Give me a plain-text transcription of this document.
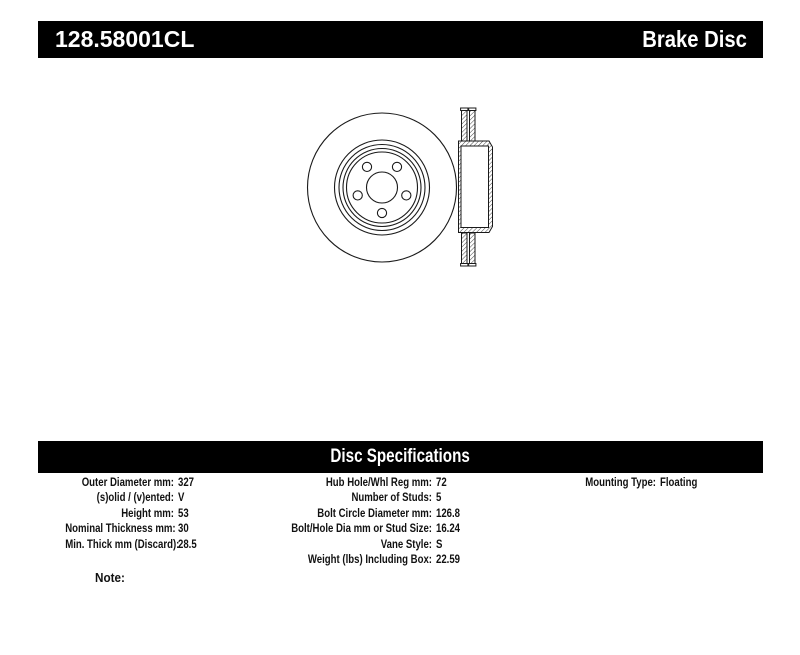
128.58001CL	Brake Disc
Disc Specifications
Outer Diameter mm: 327
(s)olid / (v)ented: V
Height mm: 53
Nominal Thickness mm: 30
Min. Thick mm (Discard):
28.5
Hub Hole/Whl Reg mm: 72
Number of Studs: 5
Bolt Circle Diameter mm: 126.8
Bolt/Hole Dia mm or Stud Size: 16.24
Vane Style: S
Weight (lbs) Including Box: 22.59
Mounting Type: Floating
Note:
